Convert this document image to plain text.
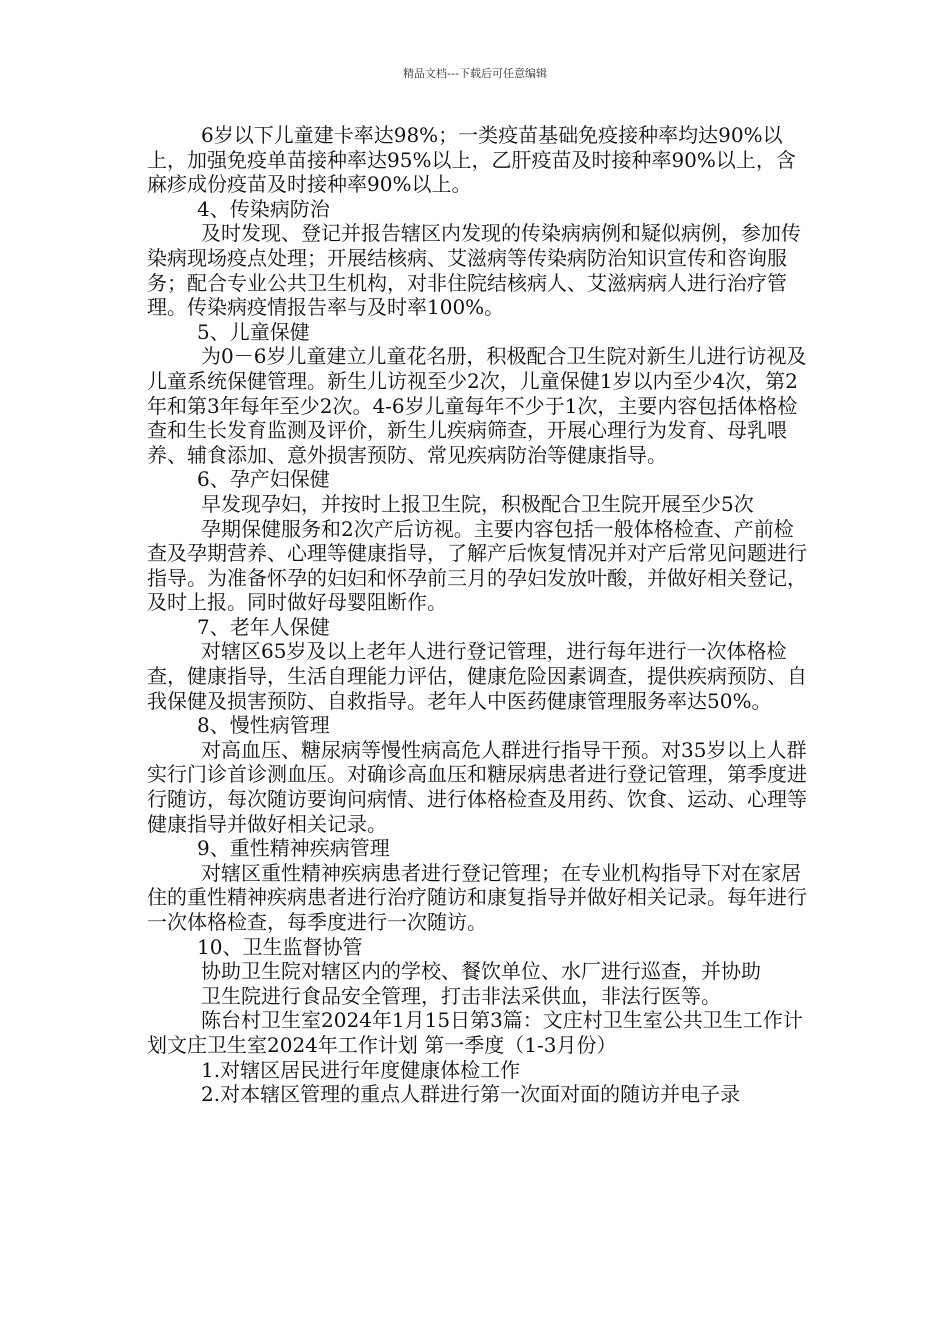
精品文档---下载后可任意编辑

6岁以下儿童建卡率达98%；一类疫苗基础免疫接种率均达90%以上，加强免疫单苗接种率达95%以上，乙肝疫苗及时接种率90%以上，含麻疹成份疫苗及时接种率90%以上。

4、传染病防治

及时发现、登记并报告辖区内发现的传染病病例和疑似病例，参加传染病现场疫点处理；开展结核病、艾滋病等传染病防治知识宣传和咨询服务；配合专业公共卫生机构，对非住院结核病人、艾滋病病人进行治疗管理。传染病疫情报告率与及时率100%。

5、儿童保健

为0－6岁儿童建立儿童花名册，积极配合卫生院对新生儿进行访视及儿童系统保健管理。新生儿访视至少2次，儿童保健1岁以内至少4次，第2年和第3年每年至少2次。4-6岁儿童每年不少于1次，主要内容包括体格检查和生长发育监测及评价，新生儿疾病筛查，开展心理行为发育、母乳喂养、辅食添加、意外损害预防、常见疾病防治等健康指导。

6、孕产妇保健

早发现孕妇，并按时上报卫生院，积极配合卫生院开展至少5次

孕期保健服务和2次产后访视。主要内容包括一般体格检查、产前检查及孕期营养、心理等健康指导，了解产后恢复情况并对产后常见问题进行指导。为准备怀孕的妇妇和怀孕前三月的孕妇发放叶酸，并做好相关登记，及时上报。同时做好母婴阻断作。

7、老年人保健

对辖区65岁及以上老年人进行登记管理，进行每年进行一次体格检查，健康指导，生活自理能力评估，健康危险因素调查，提供疾病预防、自我保健及损害预防、自救指导。老年人中医药健康管理服务率达50%。

8、慢性病管理

对高血压、糖尿病等慢性病高危人群进行指导干预。对35岁以上人群实行门诊首诊测血压。对确诊高血压和糖尿病患者进行登记管理，第季度进行随访，每次随访要询问病情、进行体格检查及用药、饮食、运动、心理等健康指导并做好相关记录。

9、重性精神疾病管理

对辖区重性精神疾病患者进行登记管理；在专业机构指导下对在家居住的重性精神疾病患者进行治疗随访和康复指导并做好相关记录。每年进行一次体格检查，每季度进行一次随访。

10、卫生监督协管

协助卫生院对辖区内的学校、餐饮单位、水厂进行巡查，并协助

卫生院进行食品安全管理，打击非法采供血，非法行医等。

陈台村卫生室2024年1月15日第3篇：文庄村卫生室公共卫生工作计划文庄卫生室2024年工作计划 第一季度（1-3月份）

1.对辖区居民进行年度健康体检工作

2.对本辖区管理的重点人群进行第一次面对面的随访并电子录
